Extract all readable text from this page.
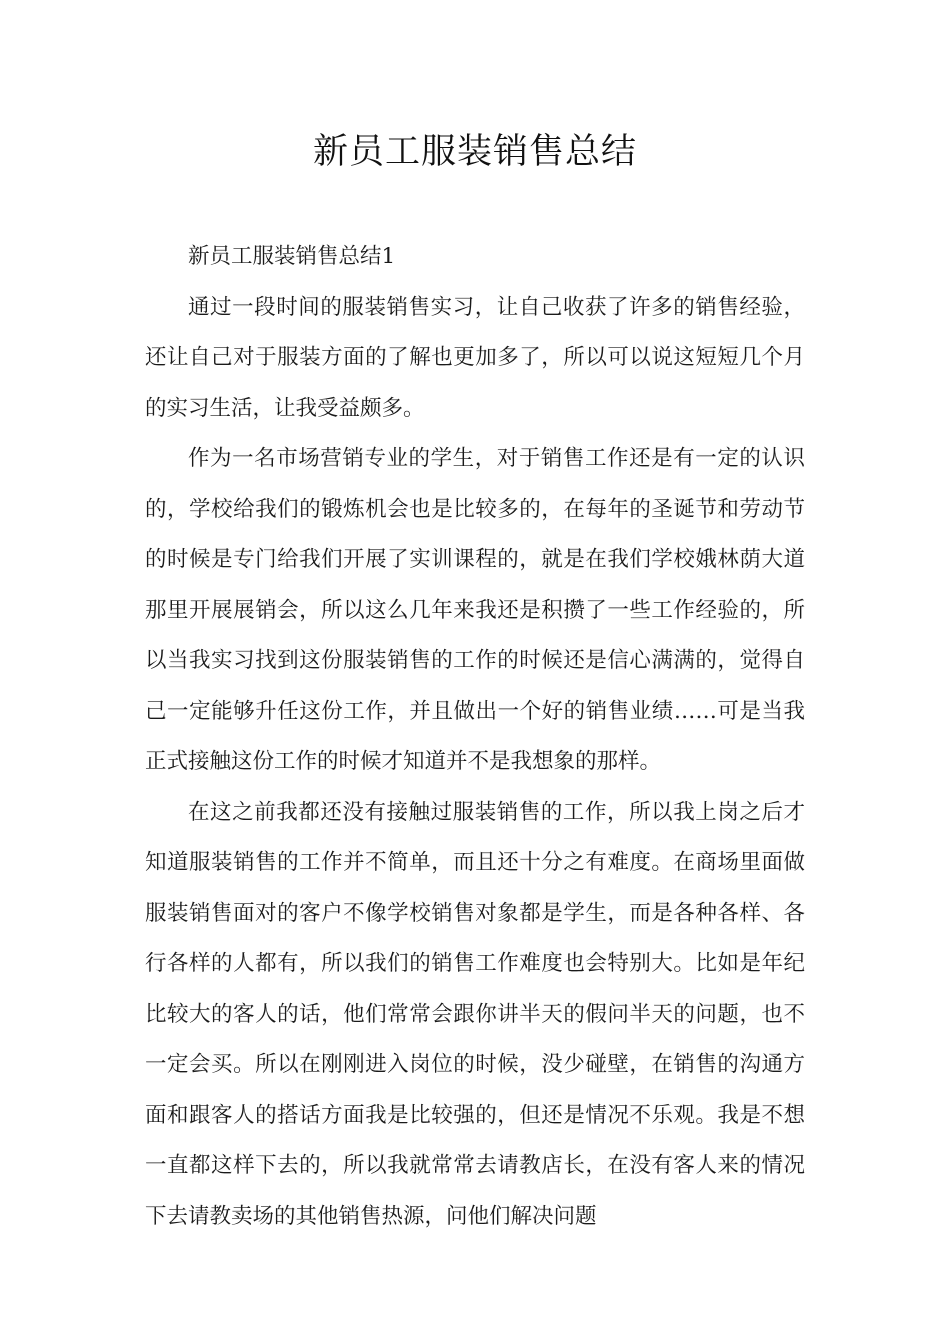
新员工服装销售总结

新员工服装销售总结1

通过一段时间的服装销售实习，让自己收获了许多的销售经验，还让自己对于服装方面的了解也更加多了，所以可以说这短短几个月的实习生活，让我受益颇多。

作为一名市场营销专业的学生，对于销售工作还是有一定的认识的，学校给我们的锻炼机会也是比较多的，在每年的圣诞节和劳动节的时候是专门给我们开展了实训课程的，就是在我们学校娥林荫大道那里开展展销会，所以这么几年来我还是积攒了一些工作经验的，所以当我实习找到这份服装销售的工作的时候还是信心满满的，觉得自己一定能够升任这份工作，并且做出一个好的销售业绩……可是当我正式接触这份工作的时候才知道并不是我想象的那样。

在这之前我都还没有接触过服装销售的工作，所以我上岗之后才知道服装销售的工作并不简单，而且还十分之有难度。在商场里面做服装销售面对的客户不像学校销售对象都是学生，而是各种各样、各行各样的人都有，所以我们的销售工作难度也会特别大。比如是年纪比较大的客人的话，他们常常会跟你讲半天的假问半天的问题，也不一定会买。所以在刚刚进入岗位的时候，没少碰壁，在销售的沟通方面和跟客人的搭话方面我是比较强的，但还是情况不乐观。我是不想一直都这样下去的，所以我就常常去请教店长，在没有客人来的情况下去请教卖场的其他销售热源，问他们解决问题
